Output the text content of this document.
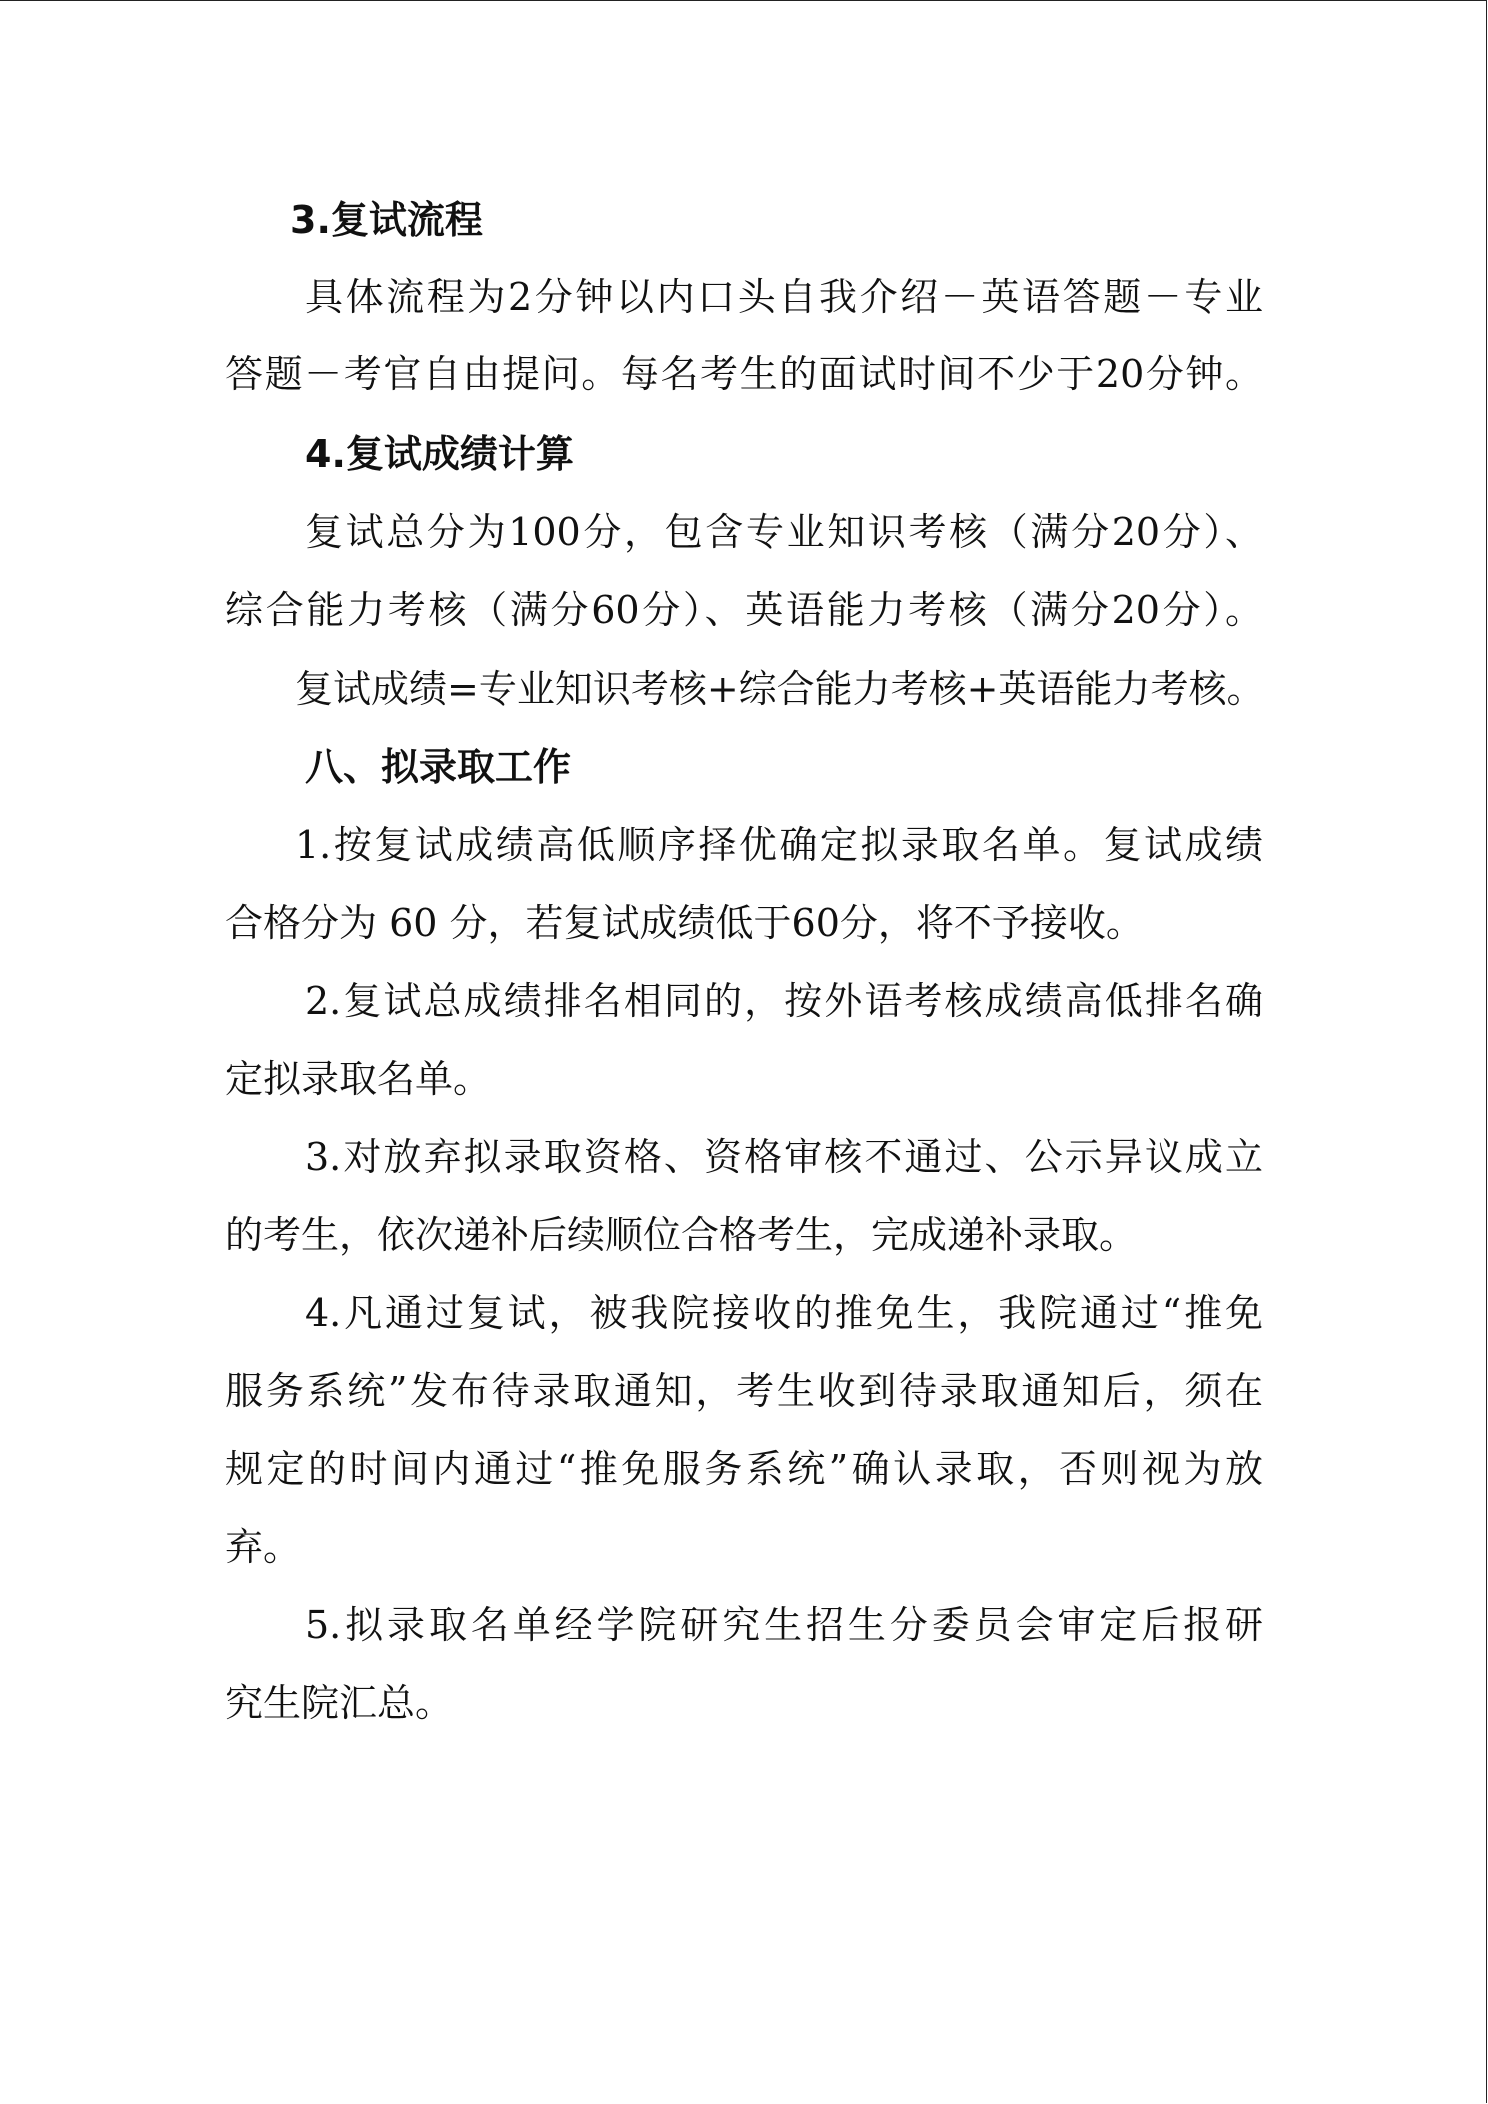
3.复试流程
具体流程为2分钟以内口头自我介绍－英语答题－专业
答题－考官自由提问。每名考生的面试时间不少于20分钟。
4.复试成绩计算
复试总分为100分，包含专业知识考核（满分20分）、
综合能力考核（满分60分）、英语能力考核（满分20分）。
复试成绩=专业知识考核+综合能力考核+英语能力考核。
八、拟录取工作
1.按复试成绩高低顺序择优确定拟录取名单。复试成绩
合格分为 60 分，若复试成绩低于60分，将不予接收。
2.复试总成绩排名相同的，按外语考核成绩高低排名确
定拟录取名单。
3.对放弃拟录取资格、资格审核不通过、公示异议成立
的考生，依次递补后续顺位合格考生，完成递补录取。
4.凡通过复试，被我院接收的推免生，我院通过“推免
服务系统”发布待录取通知，考生收到待录取通知后，须在
规定的时间内通过“推免服务系统”确认录取，否则视为放
弃。
5.拟录取名单经学院研究生招生分委员会审定后报研
究生院汇总。
